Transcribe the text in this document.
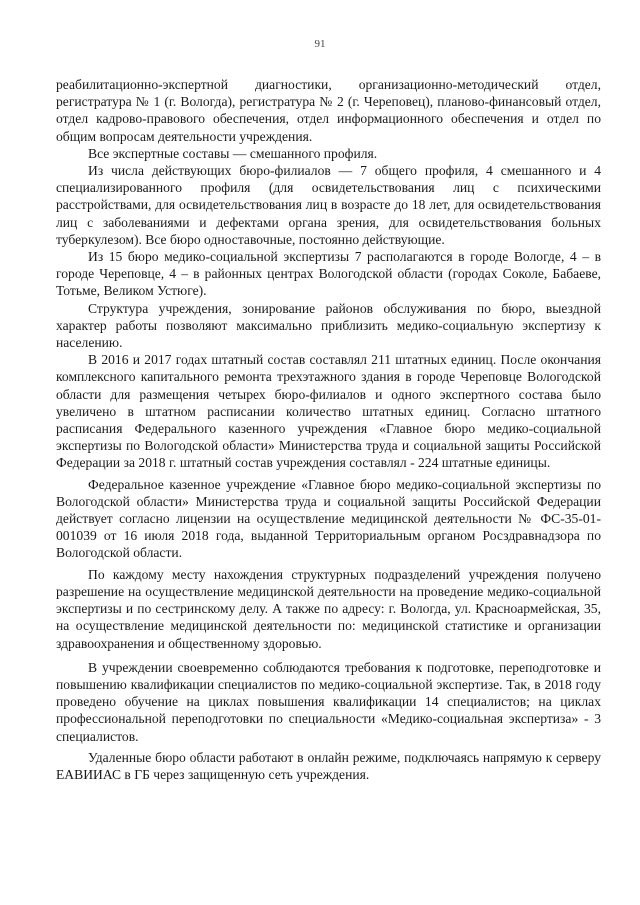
91

реабилитационно-экспертной диагностики, организационно-методический отдел, регистратура № 1 (г. Вологда), регистратура № 2 (г. Череповец), планово-финансовый отдел, отдел кадрово-правового обеспечения, отдел информационного обеспечения и отдел по общим вопросам деятельности учреждения.

Все экспертные составы — смешанного профиля.

Из числа действующих бюро-филиалов — 7 общего профиля, 4 смешанного и 4 специализированного профиля (для освидетельствования лиц с психическими расстройствами, для освидетельствования лиц в возрасте до 18 лет, для освидетельствования лиц с заболеваниями и дефектами органа зрения, для освидетельствования больных туберкулезом). Все бюро одноставочные, постоянно действующие.

Из 15 бюро медико-социальной экспертизы 7 располагаются в городе Вологде, 4 – в городе Череповце, 4 – в районных центрах Вологодской области (городах Соколе, Бабаеве, Тотьме, Великом Устюге).

Структура учреждения, зонирование районов обслуживания по бюро, выездной характер работы позволяют максимально приблизить медико-социальную экспертизу к населению.

В 2016 и 2017 годах штатный состав составлял 211 штатных единиц. После окончания комплексного капитального ремонта трехэтажного здания в городе Череповце Вологодской области для размещения четырех бюро-филиалов и одного экспертного состава было увеличено в штатном расписании количество штатных единиц. Согласно штатного расписания Федерального казенного учреждения «Главное бюро медико-социальной экспертизы по Вологодской области» Министерства труда и социальной защиты Российской Федерации за 2018 г. штатный состав учреждения составлял - 224 штатные единицы.

Федеральное казенное учреждение «Главное бюро медико-социальной экспертизы по Вологодской области» Министерства труда и социальной защиты Российской Федерации действует согласно лицензии на осуществление медицинской деятельности № ФС-35-01-001039 от 16 июля 2018 года, выданной Территориальным органом Росздравнадзора по Вологодской области.

По каждому месту нахождения структурных подразделений учреждения получено разрешение на осуществление медицинской деятельности на проведение медико-социальной экспертизы и по сестринскому делу. А также по адресу: г. Вологда, ул. Красноармейская, 35, на осуществление медицинской деятельности по: медицинской статистике и организации здравоохранения и общественному здоровью.

В учреждении своевременно соблюдаются требования к подготовке, переподготовке и повышению квалификации специалистов по медико-социальной экспертизе. Так, в 2018 году проведено обучение на циклах повышения квалификации 14 специалистов; на циклах профессиональной переподготовки по специальности «Медико-социальная экспертиза» - 3 специалистов.

Удаленные бюро области работают в онлайн режиме, подключаясь напрямую к серверу ЕАВИИАС в ГБ через защищенную сеть учреждения.
